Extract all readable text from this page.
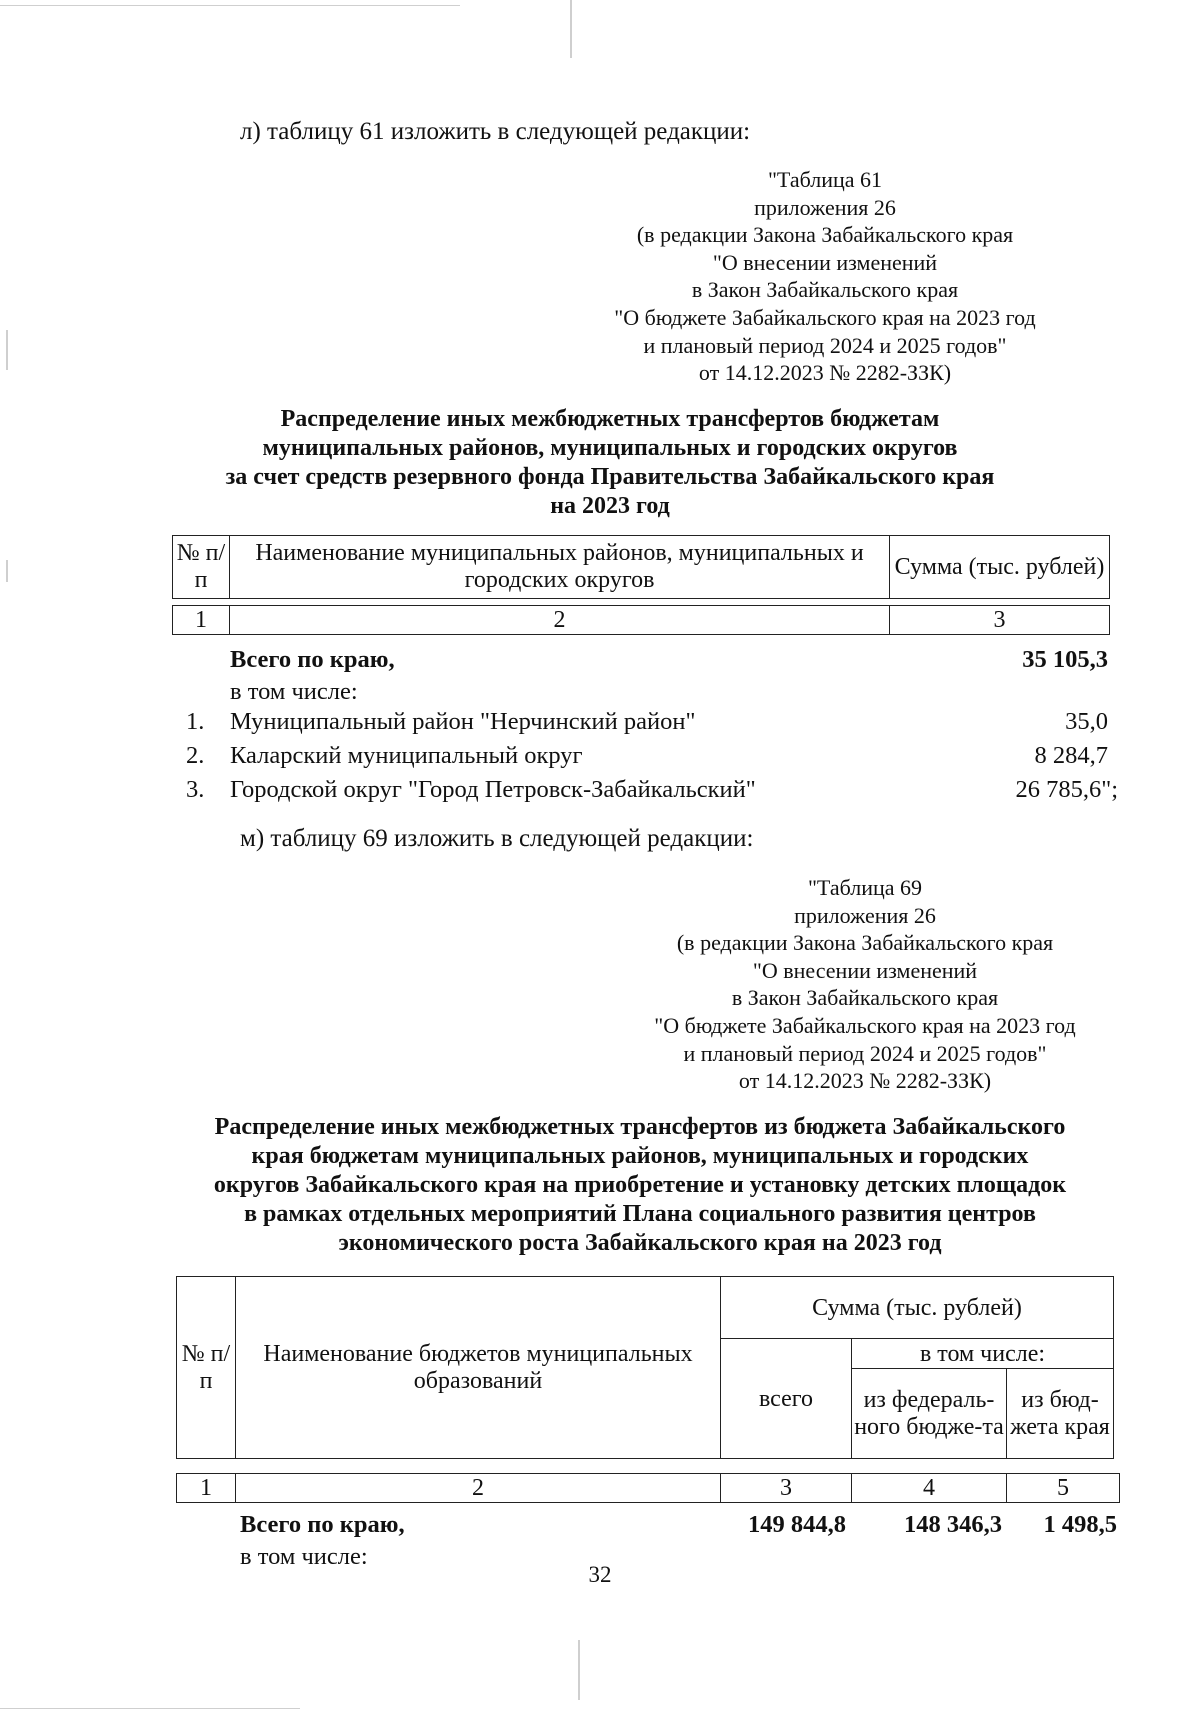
л) таблицу 61 изложить в следующей редакции:
"Таблица 61
приложения 26
(в редакции Закона Забайкальского края
"О внесении изменений
в Закон Забайкальского края
"О бюджете Забайкальского края на 2023 год
и плановый период 2024 и 2025 годов"
от 14.12.2023 № 2282-ЗЗК)
Распределение иных межбюджетных трансфертов бюджетам
муниципальных районов, муниципальных и городских округов
за счет средств резервного фонда Правительства Забайкальского края
на 2023 год
№ п/п	Наименование муниципальных районов, муниципальных и городских округов	Сумма (тыс. рублей)
1	2	3
Всего по краю,	35 105,3
в том числе:
1. Муниципальный район "Нерчинский район"	35,0
2. Каларский муниципальный округ	8 284,7
3. Городской округ "Город Петровск-Забайкальский"	26 785,6";
м) таблицу 69 изложить в следующей редакции:
"Таблица 69
приложения 26
(в редакции Закона Забайкальского края
"О внесении изменений
в Закон Забайкальского края
"О бюджете Забайкальского края на 2023 год
и плановый период 2024 и 2025 годов"
от 14.12.2023 № 2282-ЗЗК)
Распределение иных межбюджетных трансфертов из бюджета Забайкальского
края бюджетам муниципальных районов, муниципальных и городских
округов Забайкальского края на приобретение и установку детских площадок
в рамках отдельных мероприятий Плана социального развития центров
экономического роста Забайкальского края на 2023 год
№ п/п	Наименование бюджетов муниципальных образований	Сумма (тыс. рублей)		
		всего	в том числе:	
			из федераль-ного бюдже-та	из бюд-жета края
1	2	3	4	5
Всего по краю,	149 844,8	148 346,3	1 498,5
в том числе:
32
